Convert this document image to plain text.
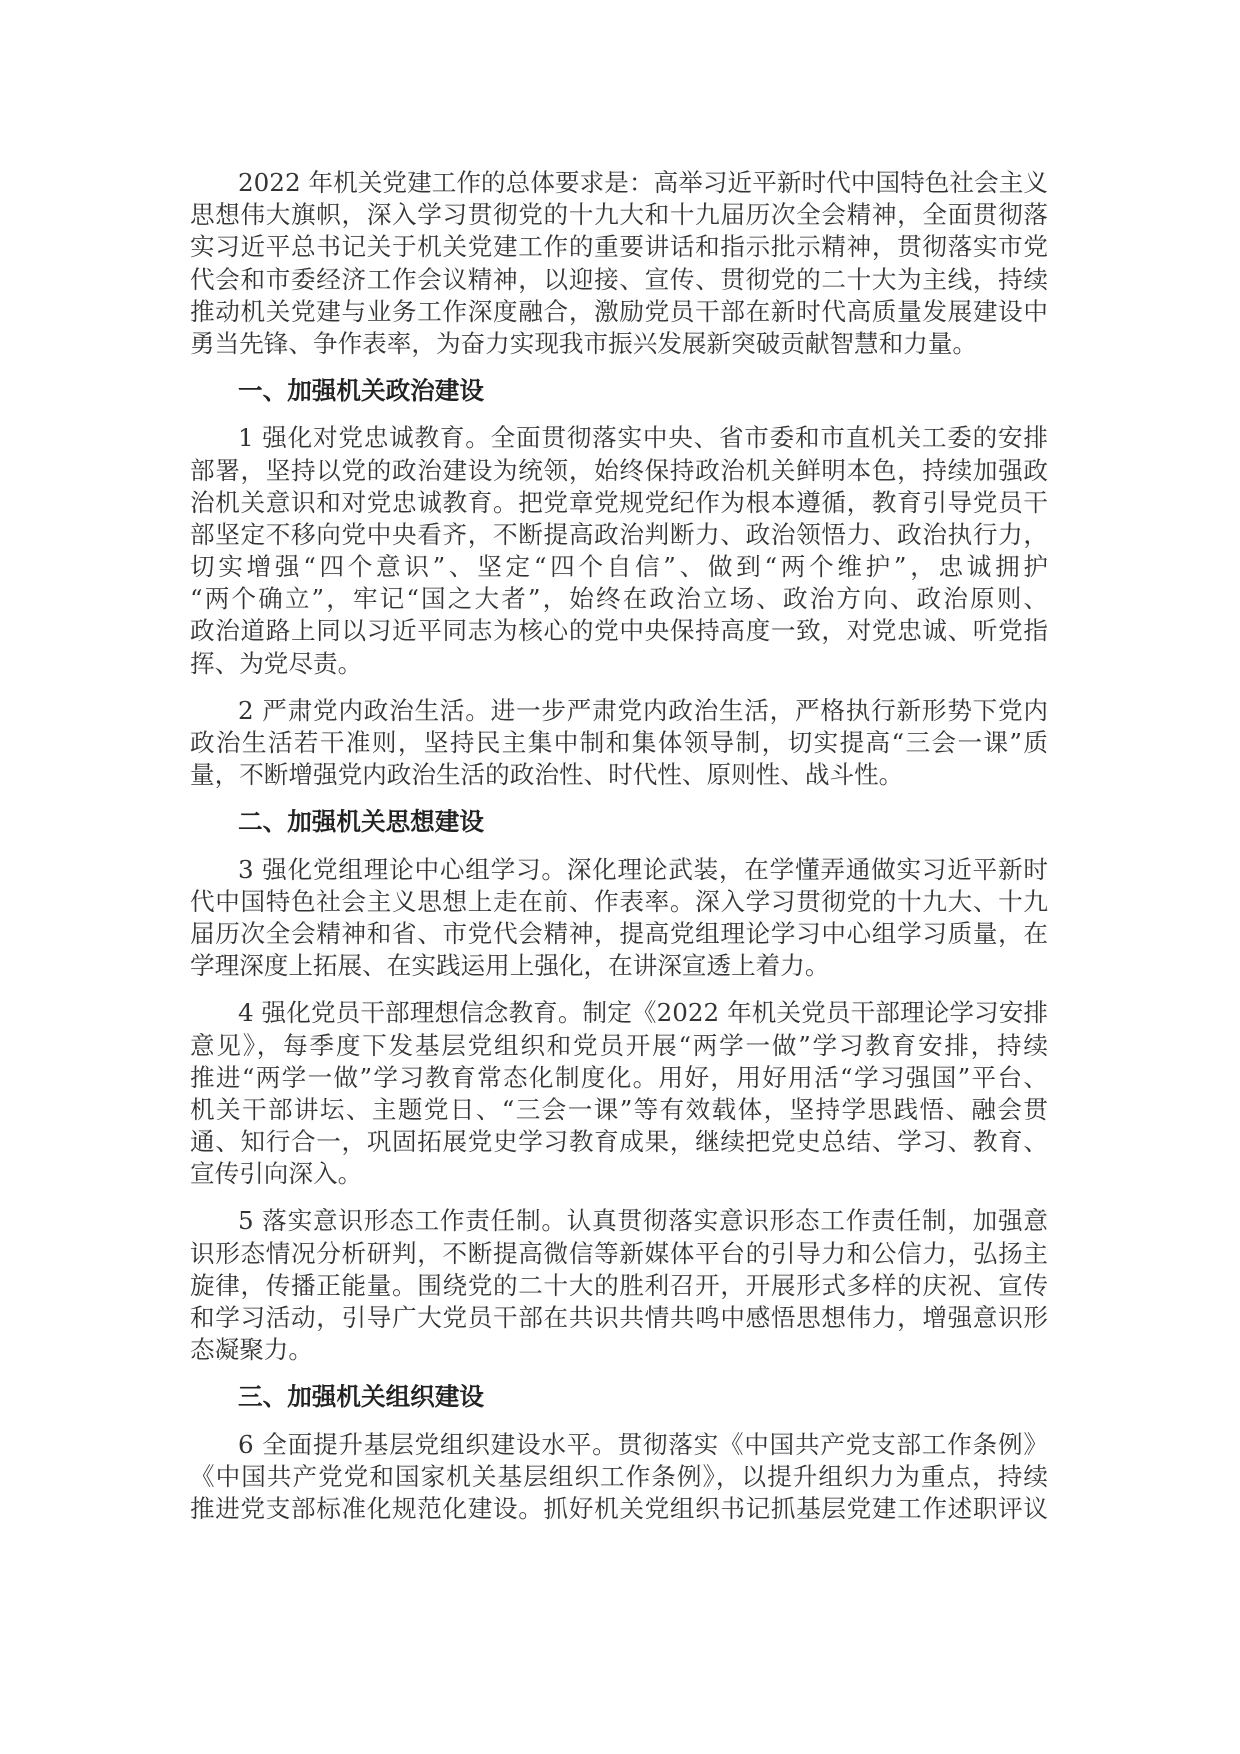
2022 年机关党建工作的总体要求是：高举习近平新时代中国特色社会主义
思想伟大旗帜，深入学习贯彻党的十九大和十九届历次全会精神，全面贯彻落
实习近平总书记关于机关党建工作的重要讲话和指示批示精神，贯彻落实市党
代会和市委经济工作会议精神，以迎接、宣传、贯彻党的二十大为主线，持续
推动机关党建与业务工作深度融合，激励党员干部在新时代高质量发展建设中
勇当先锋、争作表率，为奋力实现我市振兴发展新突破贡献智慧和力量。
一、加强机关政治建设
1 强化对党忠诚教育。全面贯彻落实中央、省市委和市直机关工委的安排
部署，坚持以党的政治建设为统领，始终保持政治机关鲜明本色，持续加强政
治机关意识和对党忠诚教育。把党章党规党纪作为根本遵循，教育引导党员干
部坚定不移向党中央看齐，不断提高政治判断力、政治领悟力、政治执行力，
切实增强“四个意识”、坚定“四个自信”、做到“两个维护”，忠诚拥护
“两个确立”，牢记“国之大者”，始终在政治立场、政治方向、政治原则、
政治道路上同以习近平同志为核心的党中央保持高度一致，对党忠诚、听党指
挥、为党尽责。
2 严肃党内政治生活。进一步严肃党内政治生活，严格执行新形势下党内
政治生活若干准则，坚持民主集中制和集体领导制，切实提高“三会一课”质
量，不断增强党内政治生活的政治性、时代性、原则性、战斗性。
二、加强机关思想建设
3 强化党组理论中心组学习。深化理论武装，在学懂弄通做实习近平新时
代中国特色社会主义思想上走在前、作表率。深入学习贯彻党的十九大、十九
届历次全会精神和省、市党代会精神，提高党组理论学习中心组学习质量，在
学理深度上拓展、在实践运用上强化，在讲深宣透上着力。
4 强化党员干部理想信念教育。制定《2022 年机关党员干部理论学习安排
意见》，每季度下发基层党组织和党员开展“两学一做”学习教育安排，持续
推进“两学一做”学习教育常态化制度化。用好，用好用活“学习强国”平台、
机关干部讲坛、主题党日、“三会一课”等有效载体，坚持学思践悟、融会贯
通、知行合一，巩固拓展党史学习教育成果，继续把党史总结、学习、教育、
宣传引向深入。
5 落实意识形态工作责任制。认真贯彻落实意识形态工作责任制，加强意
识形态情况分析研判，不断提高微信等新媒体平台的引导力和公信力，弘扬主
旋律，传播正能量。围绕党的二十大的胜利召开，开展形式多样的庆祝、宣传
和学习活动，引导广大党员干部在共识共情共鸣中感悟思想伟力，增强意识形
态凝聚力。
三、加强机关组织建设
6 全面提升基层党组织建设水平。贯彻落实《中国共产党支部工作条例》
《中国共产党党和国家机关基层组织工作条例》，以提升组织力为重点，持续
推进党支部标准化规范化建设。抓好机关党组织书记抓基层党建工作述职评议
